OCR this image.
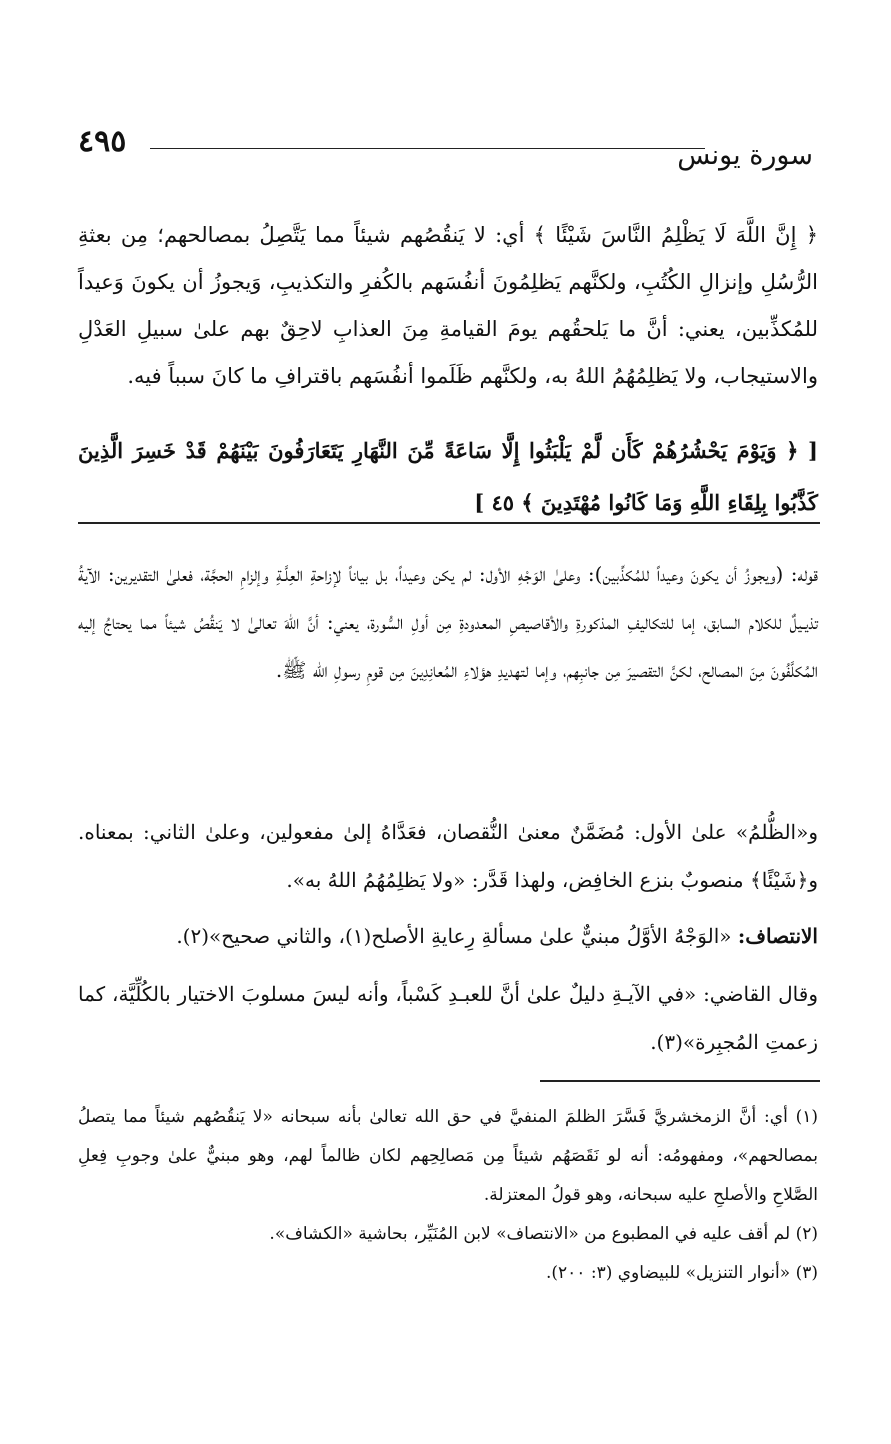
٤٩٥	سورة يونس

﴿ إِنَّ اللَّهَ لَا يَظْلِمُ النَّاسَ شَيْئًا ﴾ أي: لا يَنقُصُهم شيئاً مما يَتَّصِلُ بمصالحهم؛ مِن بعثةِ الرُّسُلِ وإنزالِ الكُتُبِ، ولكنَّهم يَظلِمُونَ أنفُسَهم بالكُفرِ والتكذيبِ، وَيجوزُ أن يكونَ وَعيداً للمُكذِّبين، يعني: أنَّ ما يَلحقُهم يومَ القيامةِ مِنَ العذابِ لاحِقٌ بهم علىٰ سبيلِ العَدْلِ والاستيجاب، ولا يَظلِمُهُمُ اللهُ به، ولكنَّهم ظَلَموا أنفُسَهم باقترافِ ما كانَ سبباً فيه.

[ ﴿ وَيَوْمَ يَحْشُرُهُمْ كَأَن لَّمْ يَلْبَثُوا إِلَّا سَاعَةً مِّنَ النَّهَارِ يَتَعَارَفُونَ بَيْنَهُمْ قَدْ خَسِرَ الَّذِينَ كَذَّبُوا بِلِقَاءِ اللَّهِ وَمَا كَانُوا مُهْتَدِينَ ﴾ ٤٥ ]

قوله: (ويجوزُ أن يكونَ وعيداً للمُكذِّبين): وعلىٰ الوَجْهِ الأول: لم يكن وعيداً، بل بياناً لإزاحةِ العِلَّـةِ وإلزامِ الحجَّة، فعلىٰ التقديرين: الآيةُ تذيـيلٌ للكلام السابق، إما للتكاليفِ المذكورةِ والأقاصيصِ المعدودةِ مِن أولِ السُّورة، يعني: أنَّ اللهَ تعالىٰ لا يَنقُصُ شيئاً مما يحتاجُ إليه المُكلَّفُونَ مِنَ المصالح، لكنَّ التقصيرَ مِن جانبِهم، وإما لتهديدِ هؤلاءِ المُعانِدِينَ مِن قومِ رسولِ الله ﷺ.

و«الظُّلمُ» علىٰ الأول: مُضَمَّنٌ معنىٰ النُّقصان، فعَدَّاهُ إلىٰ مفعولين، وعلىٰ الثاني: بمعناه. و﴿شَيْئًا﴾ منصوبٌ بنزع الخافِض، ولهذا قَدَّر: «ولا يَظلِمُهُمُ اللهُ به».

الانتصاف: «الوَجْهُ الأوَّلُ مبنيٌّ علىٰ مسألةِ رِعايةِ الأصلح(١)، والثاني صحيح»(٢).

وقال القاضي: «في الآيـةِ دليلٌ علىٰ أنَّ للعبـدِ كَسْباً، وأنه ليسَ مسلوبَ الاختيار بالكُلِّيَّة، كما زعمتِ المُجبِرة»(٣).

(١) أي: أنَّ الزمخشريَّ فَسَّرَ الظلمَ المنفيَّ في حق الله تعالىٰ بأنه سبحانه «لا يَنقُصُهم شيئاً مما يتصلُ بمصالحهم»، ومفهومُه: أنه لو نَقَصَهُم شيئاً مِن مَصالِحِهم لكان ظالماً لهم، وهو مبنيٌّ علىٰ وجوبِ فِعلِ الصَّلاحِ والأصلحِ عليه سبحانه، وهو قولُ المعتزلة.

(٢) لم أقف عليه في المطبوع من «الانتصاف» لابن المُنَيِّر، بحاشية «الكشاف».

(٣) «أنوار التنزيل» للبيضاوي (٣: ٢٠٠).
